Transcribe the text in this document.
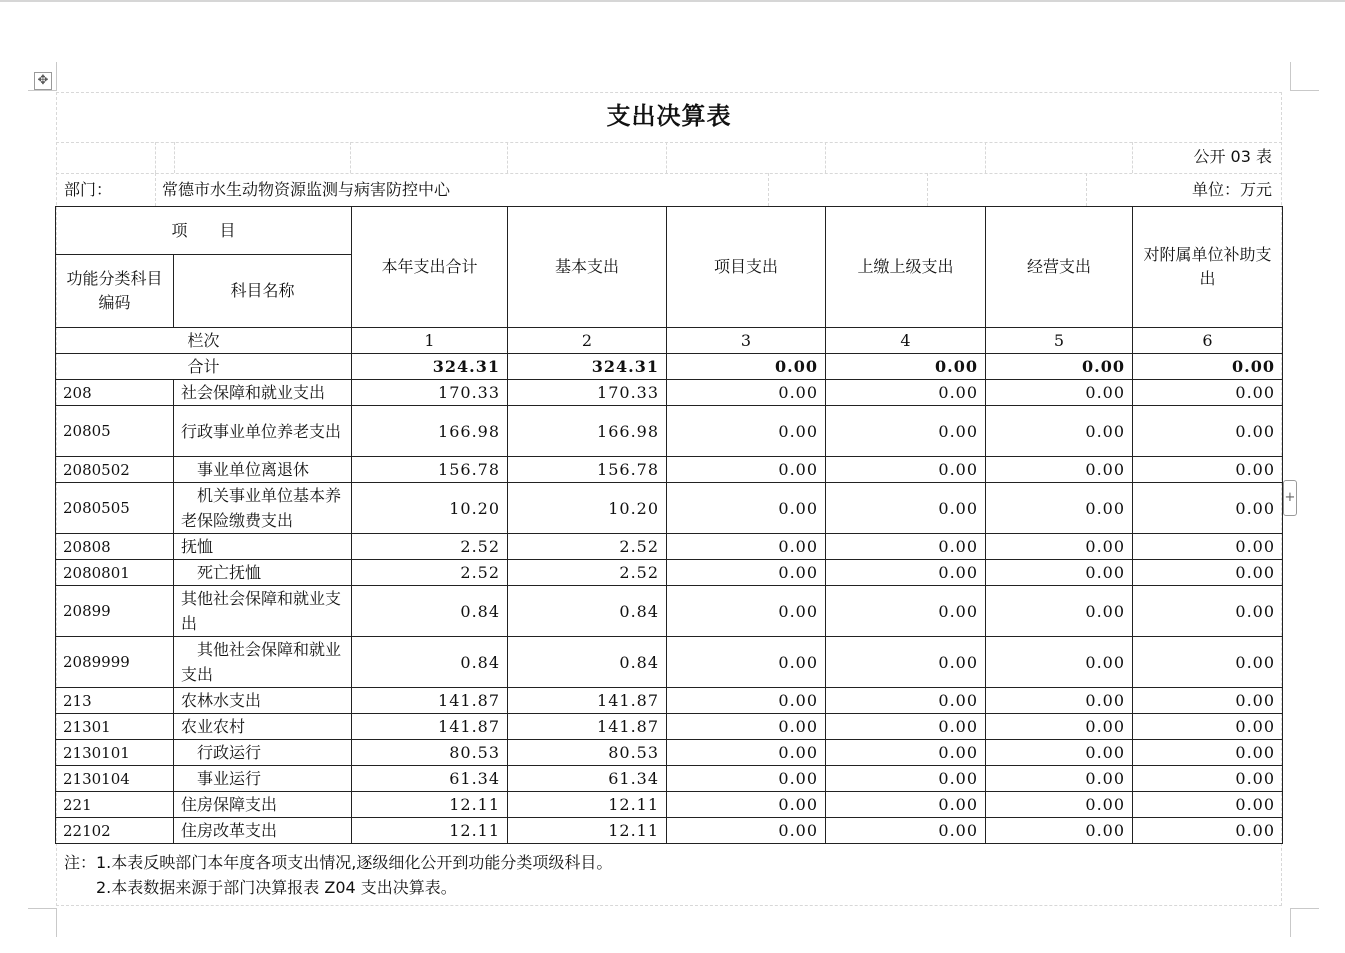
✥
+
支出决算表
公开 03 表
部门：	常德市水生动物资源监测与病害防控中心	单位：万元
项　　目		本年支出合计	基本支出	项目支出	上缴上级支出	经营支出	对附属单位补助支出
功能分类科目编码	科目名称						
栏次		1	2	3	4	5	6
合计		324.31	324.31	0.00	0.00	0.00	0.00
208	社会保障和就业支出	170.33	170.33	0.00	0.00	0.00	0.00
20805	行政事业单位养老支出	166.98	166.98	0.00	0.00	0.00	0.00
2080502	　事业单位离退休	156.78	156.78	0.00	0.00	0.00	0.00
2080505	　机关事业单位基本养老保险缴费支出	10.20	10.20	0.00	0.00	0.00	0.00
20808	抚恤	2.52	2.52	0.00	0.00	0.00	0.00
2080801	　死亡抚恤	2.52	2.52	0.00	0.00	0.00	0.00
20899	其他社会保障和就业支出	0.84	0.84	0.00	0.00	0.00	0.00
2089999	　其他社会保障和就业支出	0.84	0.84	0.00	0.00	0.00	0.00
213	农林水支出	141.87	141.87	0.00	0.00	0.00	0.00
21301	农业农村	141.87	141.87	0.00	0.00	0.00	0.00
2130101	　行政运行	80.53	80.53	0.00	0.00	0.00	0.00
2130104	　事业运行	61.34	61.34	0.00	0.00	0.00	0.00
221	住房保障支出	12.11	12.11	0.00	0.00	0.00	0.00
22102	住房改革支出	12.11	12.11	0.00	0.00	0.00	0.00
注：1.本表反映部门本年度各项支出情况,逐级细化公开到功能分类项级科目。
　　2.本表数据来源于部门决算报表 Z04 支出决算表。
